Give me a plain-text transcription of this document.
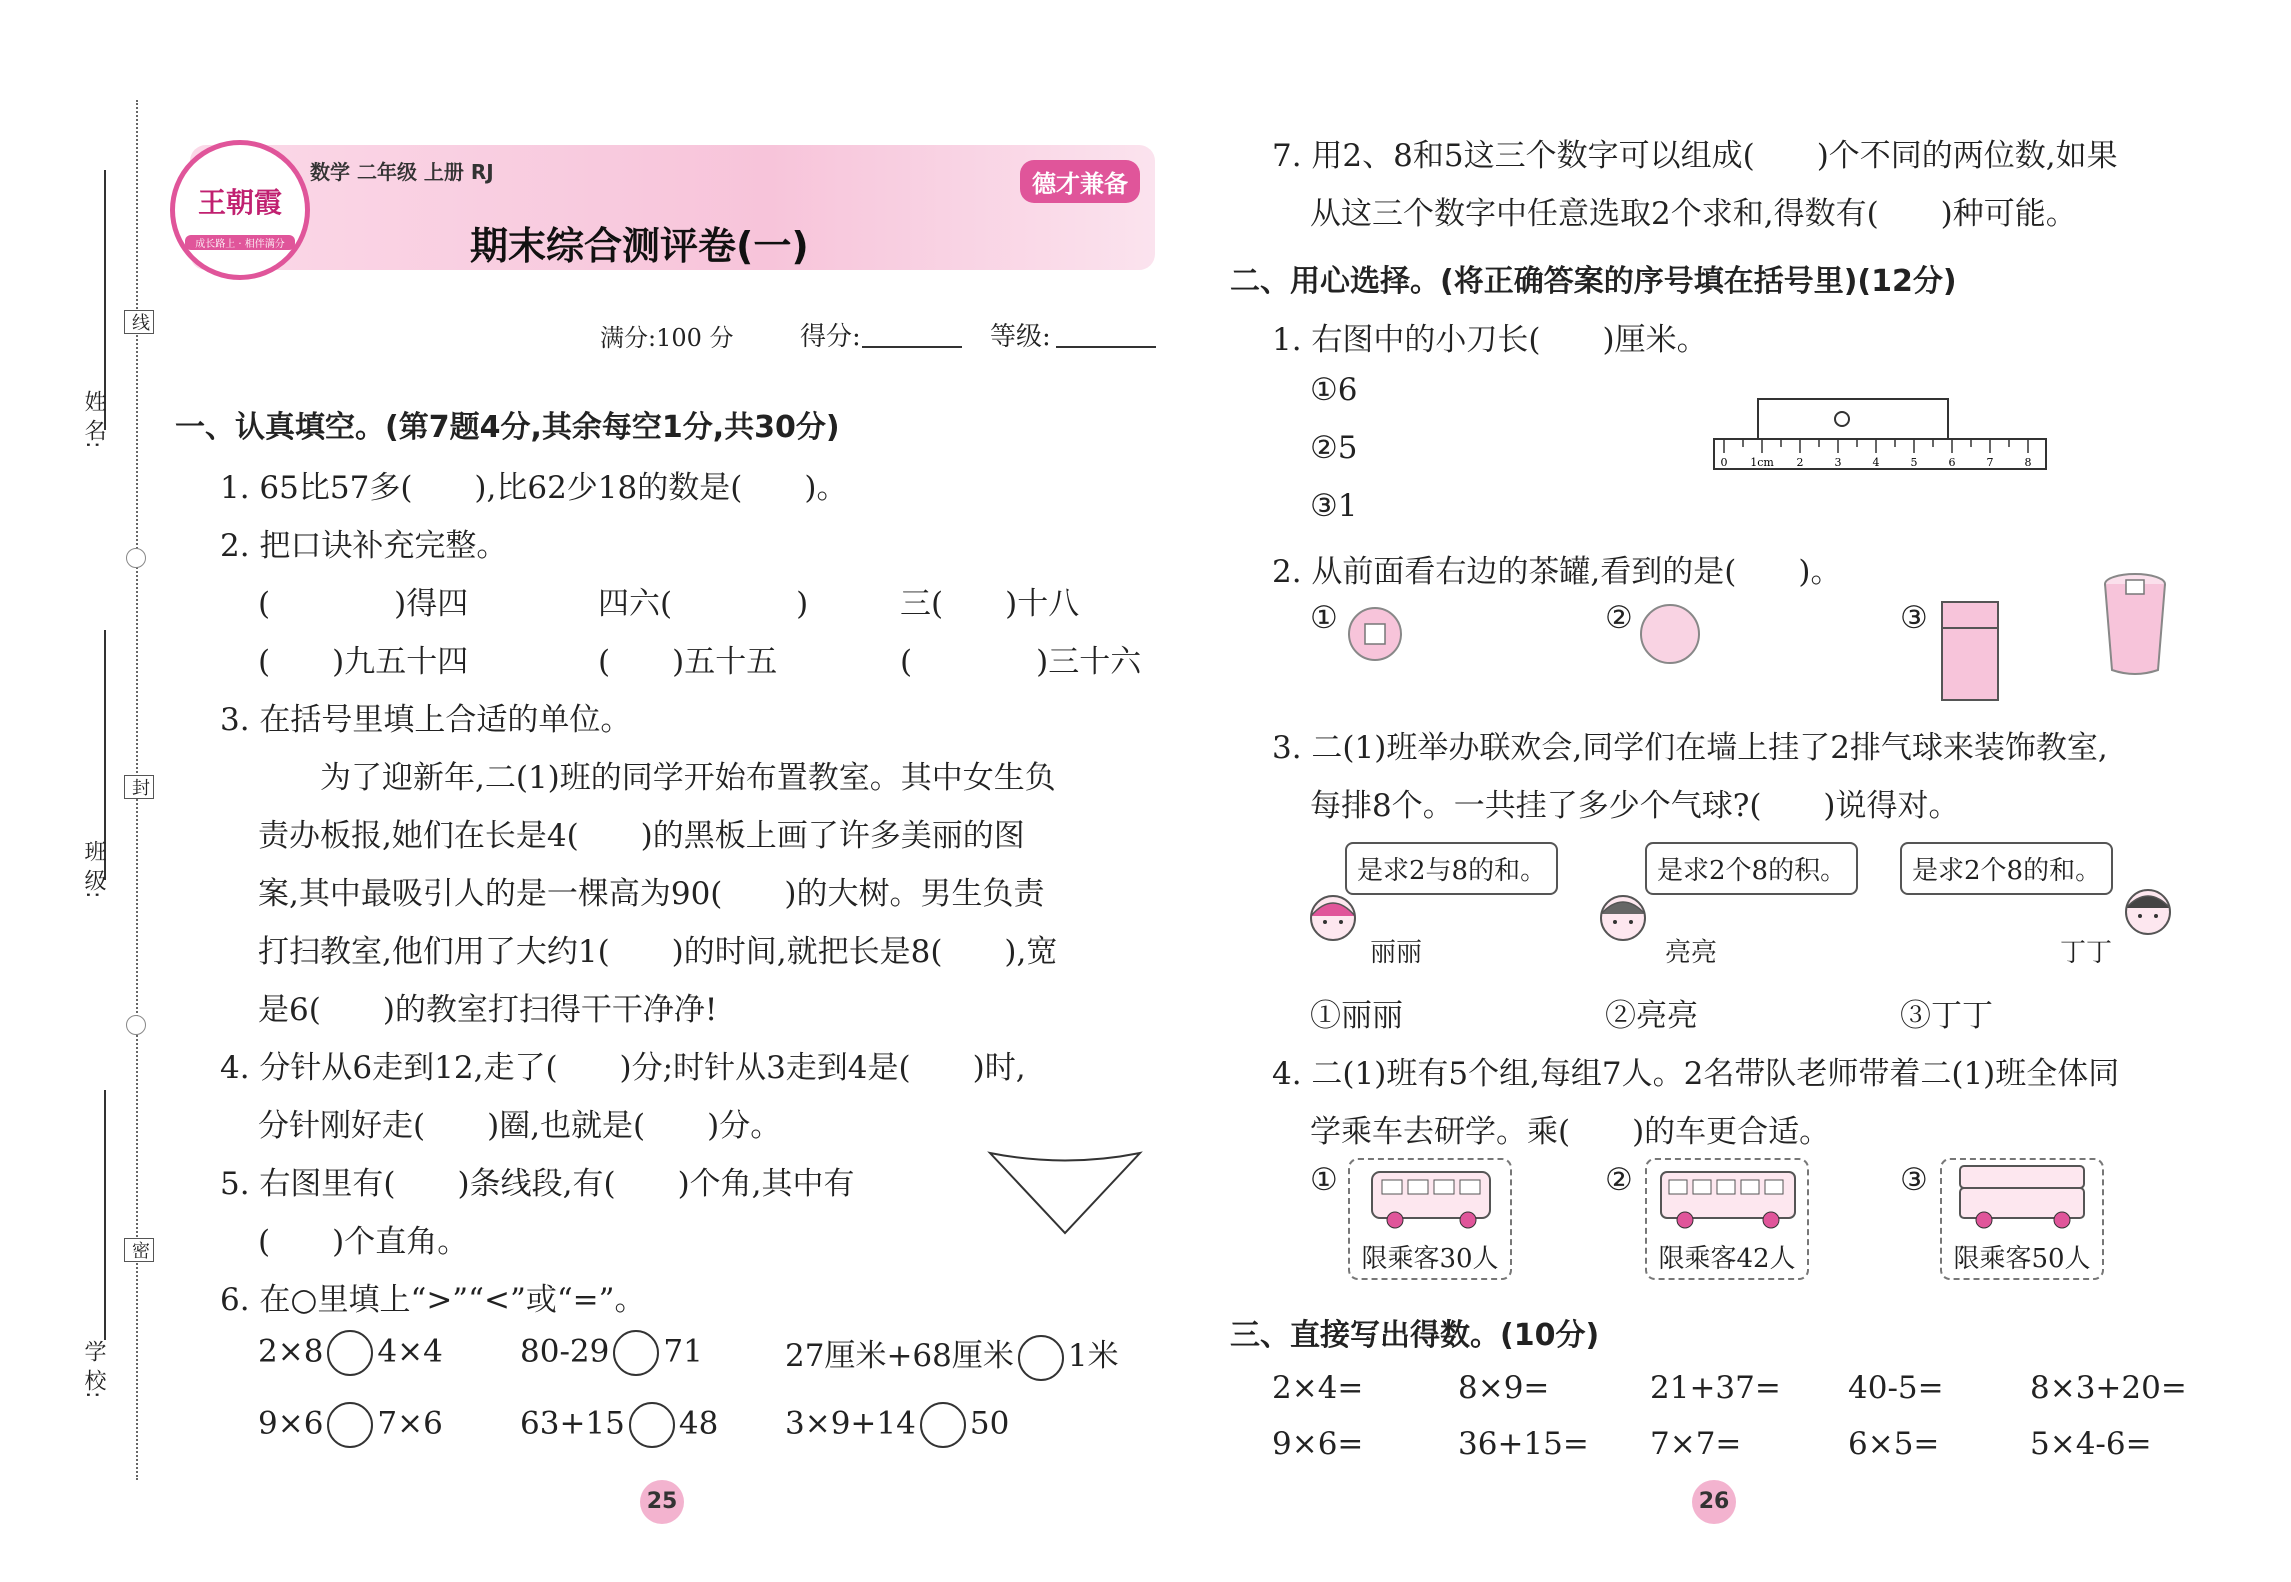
姓 名:
班 级:
学 校:
线
封
密
王朝霞
成长路上 · 相伴满分
数学 二年级 上册 RJ	德才兼备
期末综合测评卷(一)
满分:100 分	得分:	等级:
一、认真填空。(第7题4分,其余每空1分,共30分)
1. 65比57多(　　),比62少18的数是(　　)。
2. 把口诀补充完整。
(　　　　)得四	四六(　　　　)	三(　　)十八
(　　)九五十四	(　　)五十五	(　　　　)三十六
3. 在括号里填上合适的单位。
为了迎新年,二(1)班的同学开始布置教室。其中女生负
责办板报,她们在长是4(　　)的黑板上画了许多美丽的图
案,其中最吸引人的是一棵高为90(　　)的大树。男生负责
打扫教室,他们用了大约1(　　)的时间,就把长是8(　　),宽
是6(　　)的教室打扫得干干净净!
4. 分针从6走到12,走了(　　)分;时针从3走到4是(　　)时,
分针刚好走(　　)圈,也就是(　　)分。
5. 右图里有(　　)条线段,有(　　)个角,其中有
(　　)个直角。
6. 在○里填上“>”“<”或“=”。
2×8 4×4 80-29 71	27厘米+68厘米 1米
9×6 7×6 63+15 48 3×9+14 50
25
7. 用2、8和5这三个数字可以组成(　　)个不同的两位数,如果
从这三个数字中任意选取2个求和,得数有(　　)种可能。
二、用心选择。(将正确答案的序号填在括号里)(12分)
1. 右图中的小刀长(　　)厘米。
①6
②5
③1
0 1cm 2	3	4	5	6	7	8
2. 从前面看右边的茶罐,看到的是(　　)。
①	②	③
3. 二(1)班举办联欢会,同学们在墙上挂了2排气球来装饰教室,
每排8个。一共挂了多少个气球?(　　)说得对。
是求2与8的和。	是求2个8的积。	是求2个8的和。
丽丽	亮亮	丁丁
①丽丽	②亮亮	③丁丁
4. 二(1)班有5个组,每组7人。2名带队老师带着二(1)班全体同
学乘车去研学。乘(　　)的车更合适。
①	②	③
限乘客30人	限乘客42人	限乘客50人
三、直接写出得数。(10分)
2×4=	8×9=	21+37= 40-5=	8×3+20=
9×6=	36+15= 7×7=	6×5=	5×4-6=
26
